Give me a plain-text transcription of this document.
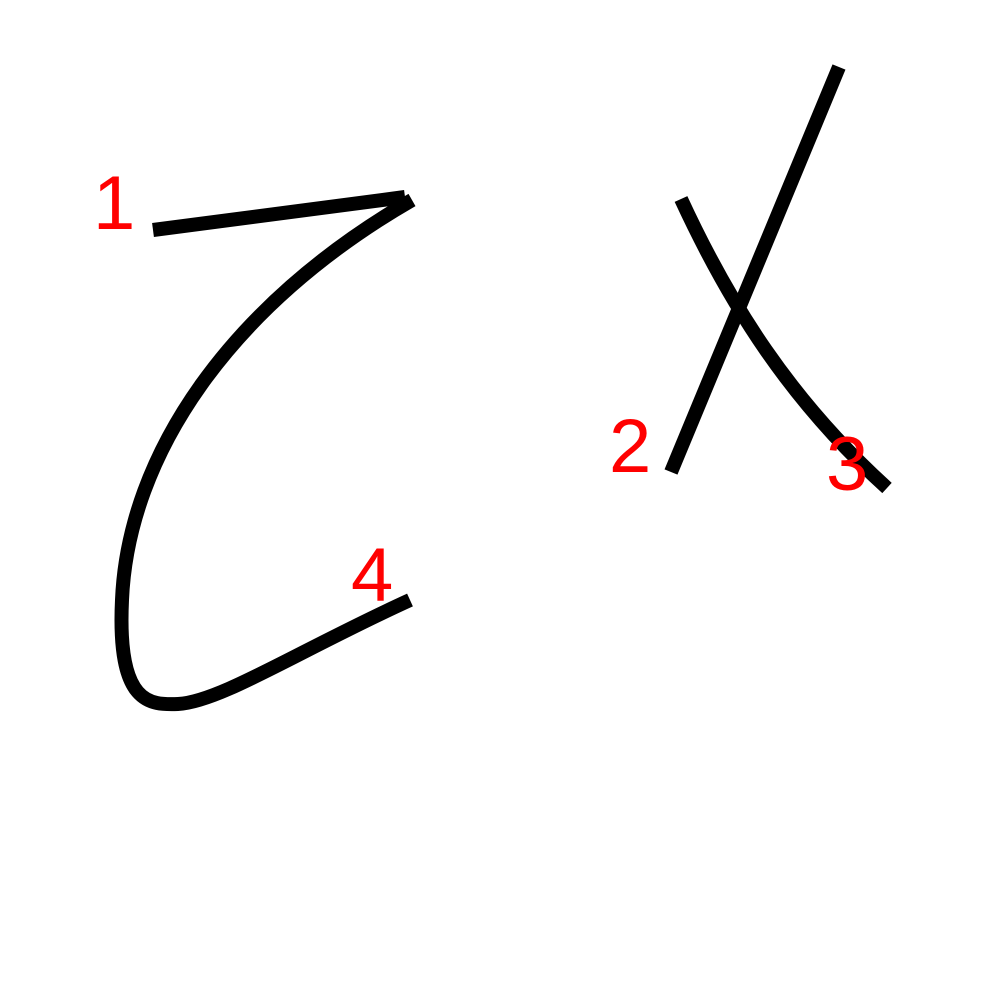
1
2 3
4
